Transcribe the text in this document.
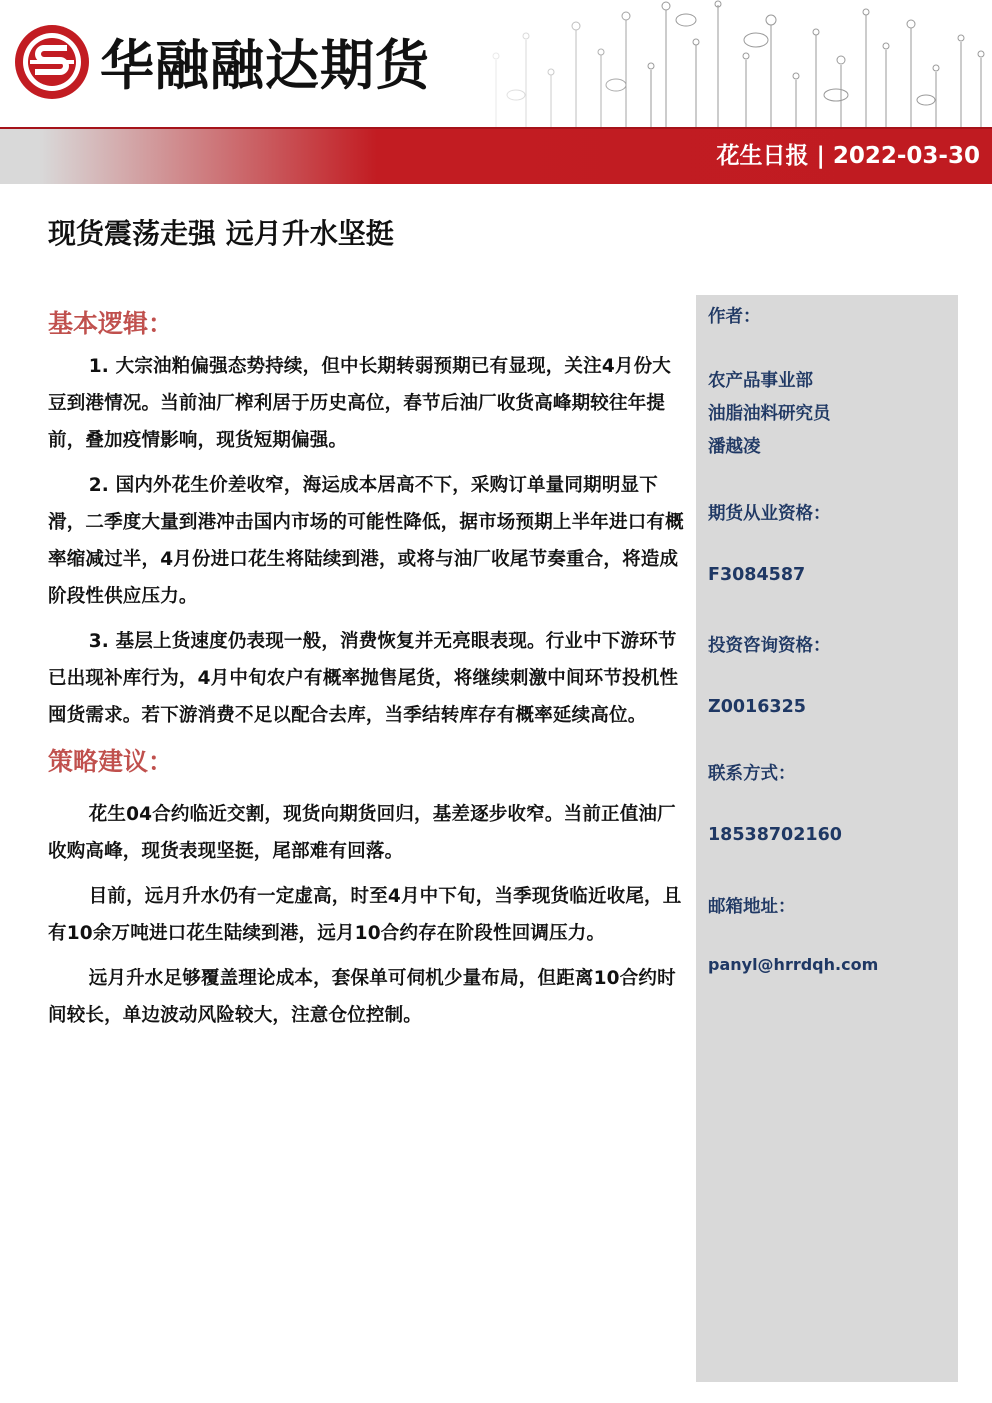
华融融达期货
花生日报 | 2022-03-30
现货震荡走强 远月升水坚挺
基本逻辑：

1. 大宗油粕偏强态势持续，但中长期转弱预期已有显现，关注4月份大豆到港情况。当前油厂榨利居于历史高位，春节后油厂收货高峰期较往年提前，叠加疫情影响，现货短期偏强。

2. 国内外花生价差收窄，海运成本居高不下，采购订单量同期明显下滑，二季度大量到港冲击国内市场的可能性降低，据市场预期上半年进口有概率缩减过半，4月份进口花生将陆续到港，或将与油厂收尾节奏重合，将造成阶段性供应压力。

3. 基层上货速度仍表现一般，消费恢复并无亮眼表现。行业中下游环节已出现补库行为，4月中旬农户有概率抛售尾货，将继续刺激中间环节投机性囤货需求。若下游消费不足以配合去库，当季结转库存有概率延续高位。

策略建议：

花生04合约临近交割，现货向期货回归，基差逐步收窄。当前正值油厂收购高峰，现货表现坚挺，尾部难有回落。

目前，远月升水仍有一定虚高，时至4月中下旬，当季现货临近收尾，且有10余万吨进口花生陆续到港，远月10合约存在阶段性回调压力。

远月升水足够覆盖理论成本，套保单可伺机少量布局，但距离10合约时间较长，单边波动风险较大，注意仓位控制。

作者：
农产品事业部
油脂油料研究员
潘越凌
期货从业资格：
F3084587
投资咨询资格：
Z0016325
联系方式：
18538702160
邮箱地址：
panyl@hrrdqh.com
